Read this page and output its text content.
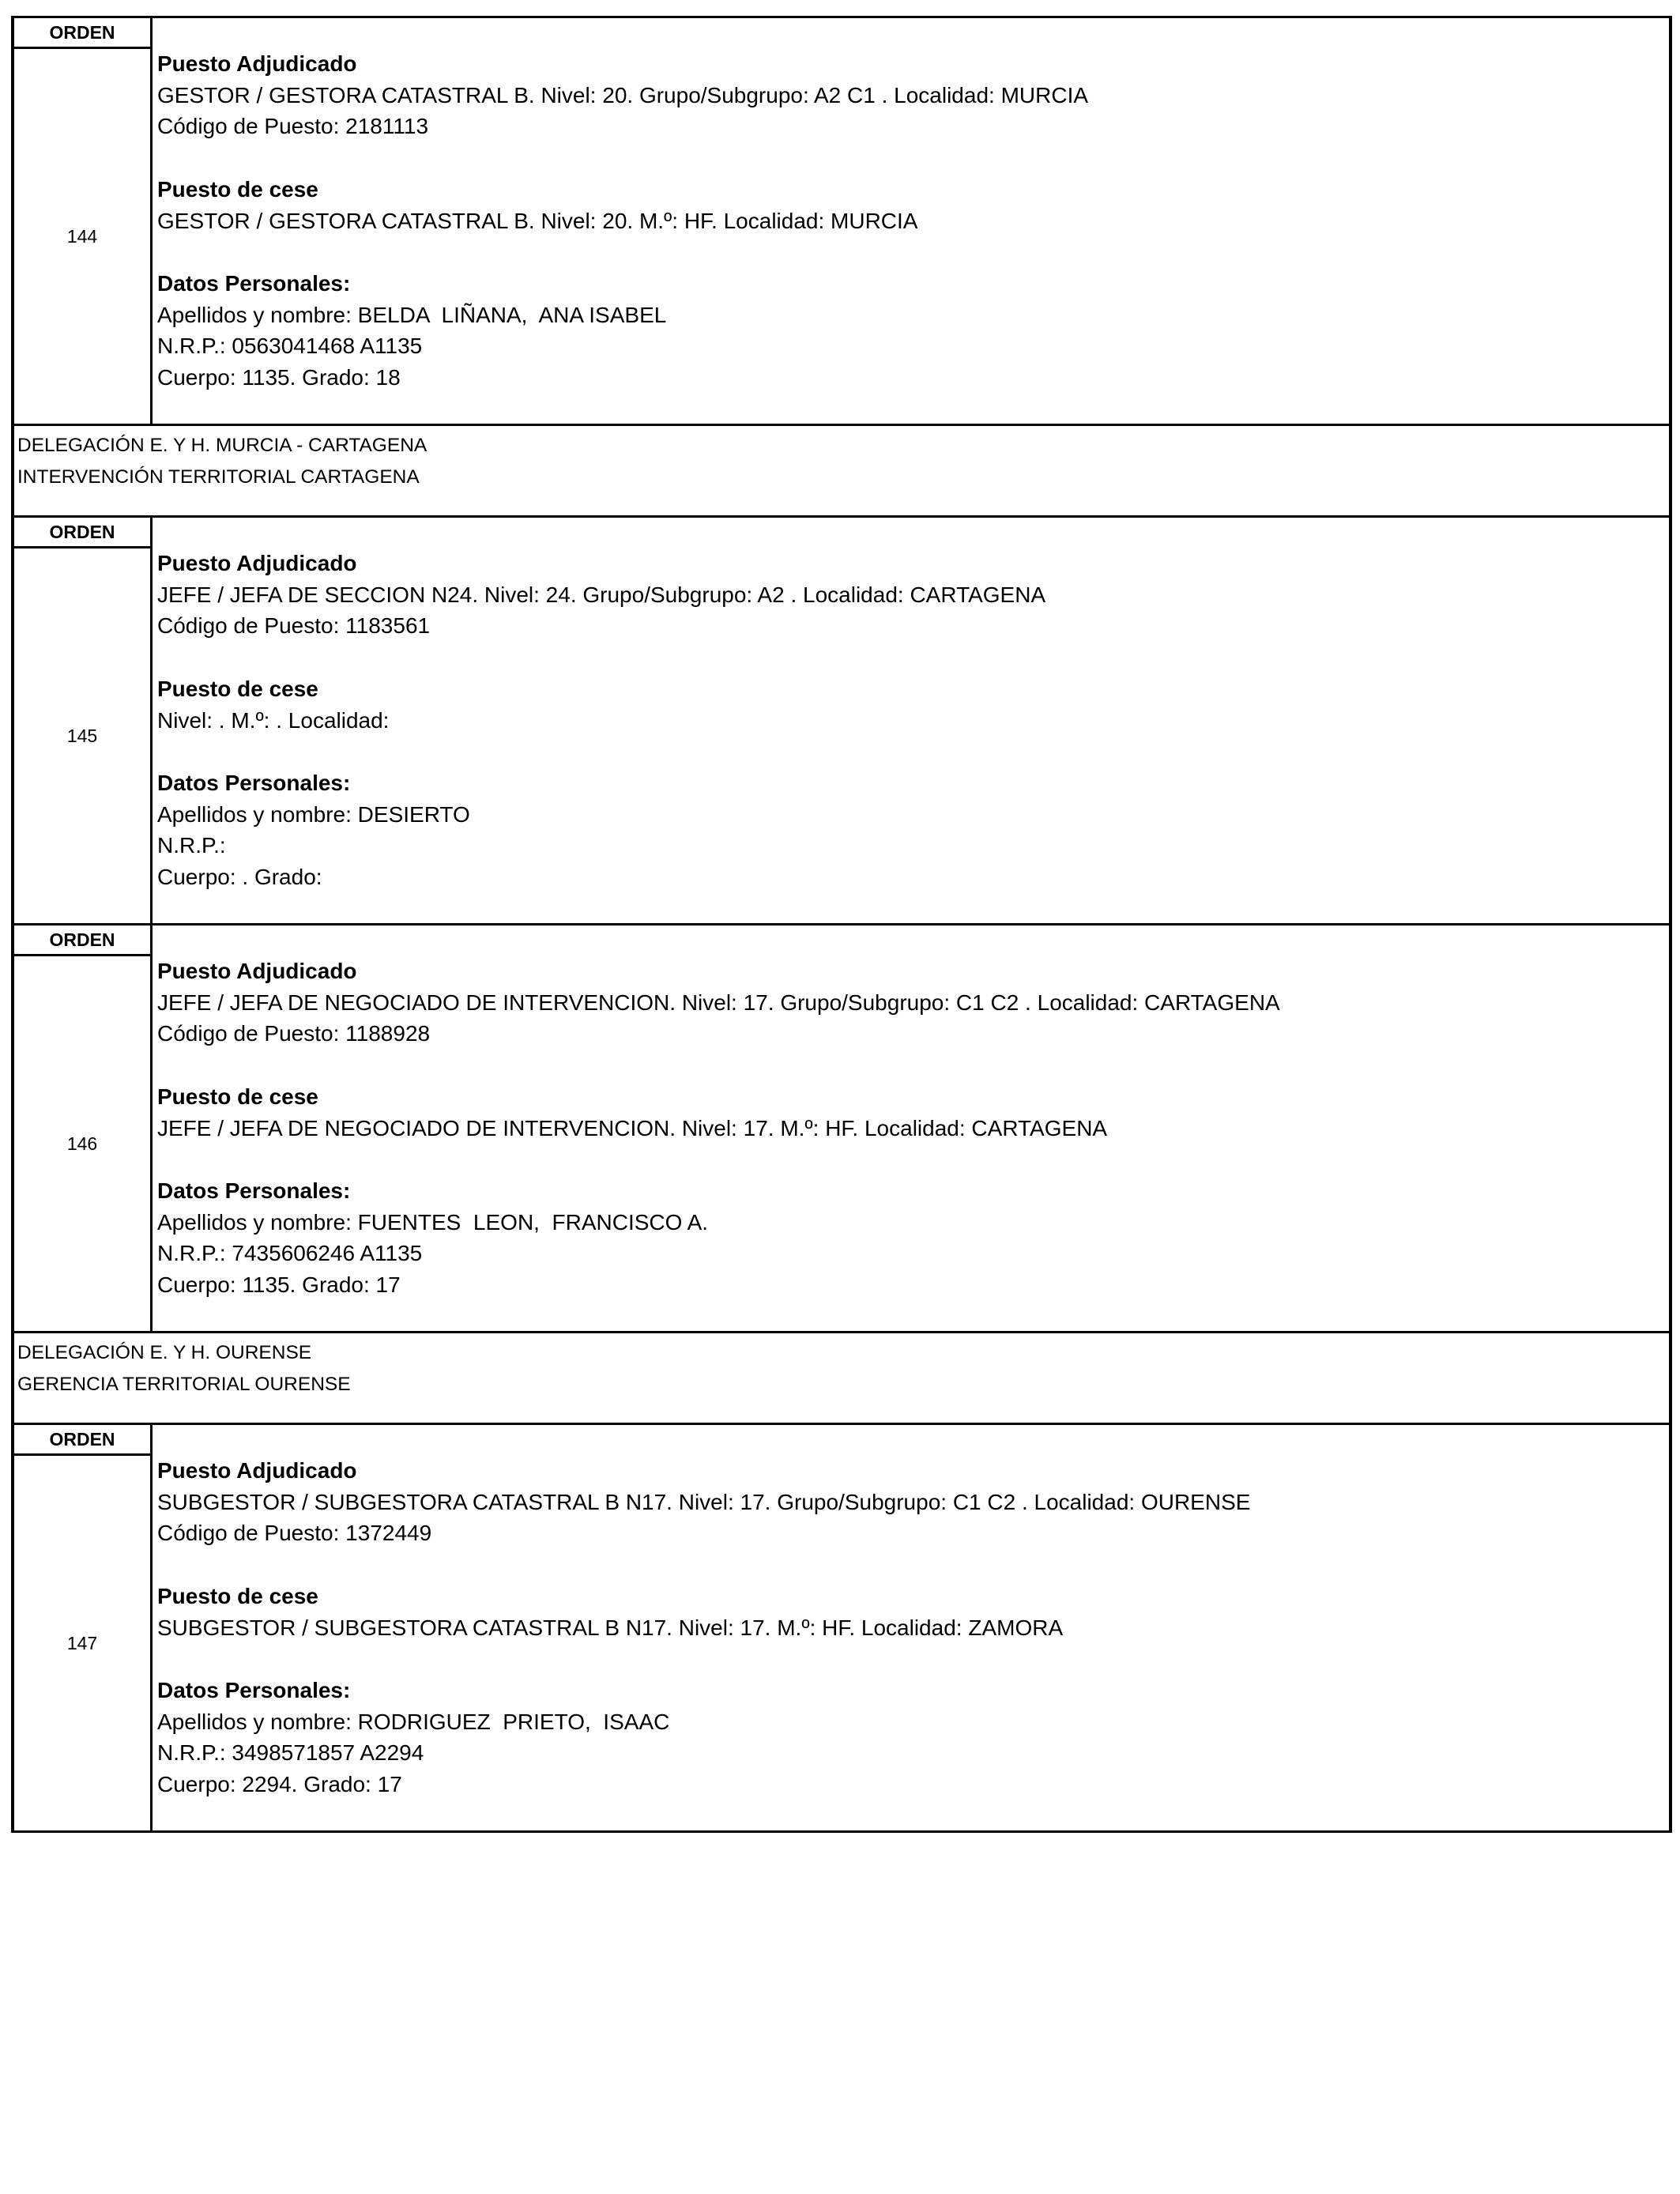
ORDEN
144
Puesto Adjudicado
GESTOR / GESTORA CATASTRAL B. Nivel: 20. Grupo/Subgrupo: A2 C1 . Localidad: MURCIA
Código de Puesto: 2181113
Puesto de cese
GESTOR / GESTORA CATASTRAL B. Nivel: 20. M.º: HF. Localidad: MURCIA
Datos Personales:
Apellidos y nombre: BELDA  LIÑANA,  ANA ISABEL
N.R.P.: 0563041468 A1135
Cuerpo: 1135. Grado: 18
DELEGACIÓN E. Y H. MURCIA - CARTAGENA
INTERVENCIÓN TERRITORIAL CARTAGENA
ORDEN
145
Puesto Adjudicado
JEFE / JEFA DE SECCION N24. Nivel: 24. Grupo/Subgrupo: A2 . Localidad: CARTAGENA
Código de Puesto: 1183561
Puesto de cese
Nivel: . M.º: . Localidad:
Datos Personales:
Apellidos y nombre: DESIERTO
N.R.P.:
Cuerpo: . Grado:
ORDEN
146
Puesto Adjudicado
JEFE / JEFA DE NEGOCIADO DE INTERVENCION. Nivel: 17. Grupo/Subgrupo: C1 C2 . Localidad: CARTAGENA
Código de Puesto: 1188928
Puesto de cese
JEFE / JEFA DE NEGOCIADO DE INTERVENCION. Nivel: 17. M.º: HF. Localidad: CARTAGENA
Datos Personales:
Apellidos y nombre: FUENTES  LEON,  FRANCISCO A.
N.R.P.: 7435606246 A1135
Cuerpo: 1135. Grado: 17
DELEGACIÓN E. Y H. OURENSE
GERENCIA TERRITORIAL OURENSE
ORDEN
147
Puesto Adjudicado
SUBGESTOR / SUBGESTORA CATASTRAL B N17. Nivel: 17. Grupo/Subgrupo: C1 C2 . Localidad: OURENSE
Código de Puesto: 1372449
Puesto de cese
SUBGESTOR / SUBGESTORA CATASTRAL B N17. Nivel: 17. M.º: HF. Localidad: ZAMORA
Datos Personales:
Apellidos y nombre: RODRIGUEZ  PRIETO,  ISAAC
N.R.P.: 3498571857 A2294
Cuerpo: 2294. Grado: 17
